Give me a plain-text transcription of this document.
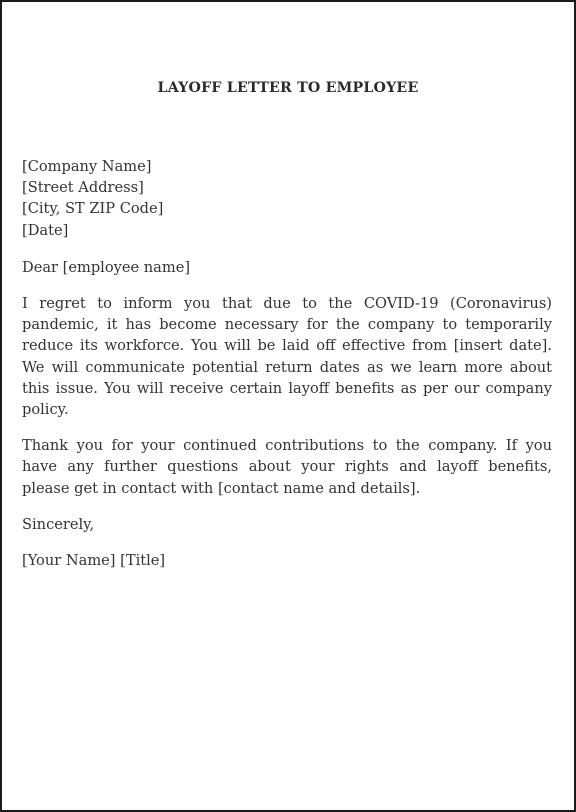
LAYOFF LETTER TO EMPLOYEE
[Company Name]
[Street Address]
[City, ST ZIP Code]
[Date]
Dear [employee name]
I regret to inform you that due to the COVID-19 (Coronavirus) pandemic, it has become necessary for the company to temporarily reduce its workforce. You will be laid off effective from [insert date]. We will communicate potential return dates as we learn more about this issue. You will receive certain layoff benefits as per our company policy.
Thank you for your continued contributions to the company. If you have any further questions about your rights and layoff benefits, please get in contact with [contact name and details].
Sincerely,
[Your Name] [Title]
